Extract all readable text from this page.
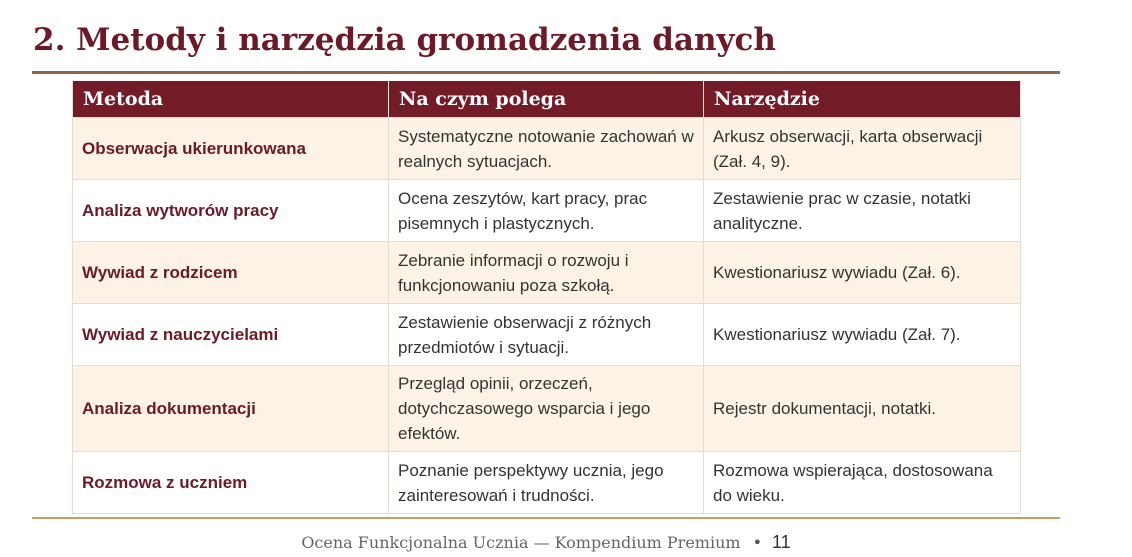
2. Metody i narzędzia gromadzenia danych
Metoda	Na czym polega	Narzędzie
Obserwacja ukierunkowana	Systematyczne notowanie zachowań w realnych sytuacjach.	Arkusz obserwacji, karta obserwacji (Zał. 4, 9).
Analiza wytworów pracy	Ocena zeszytów, kart pracy, prac pisemnych i plastycznych.	Zestawienie prac w czasie, notatki analityczne.
Wywiad z rodzicem	Zebranie informacji o rozwoju i funkcjonowaniu poza szkołą.	Kwestionariusz wywiadu (Zał. 6).
Wywiad z nauczycielami	Zestawienie obserwacji z różnych przedmiotów i sytuacji.	Kwestionariusz wywiadu (Zał. 7).
Analiza dokumentacji	Przegląd opinii, orzeczeń, dotychczasowego wsparcia i jego efektów.	Rejestr dokumentacji, notatki.
Rozmowa z uczniem	Poznanie perspektywy ucznia, jego zainteresowań i trudności.	Rozmowa wspierająca, dostosowana do wieku.
Ocena Funkcjonalna Ucznia — Kompendium Premium • 11
